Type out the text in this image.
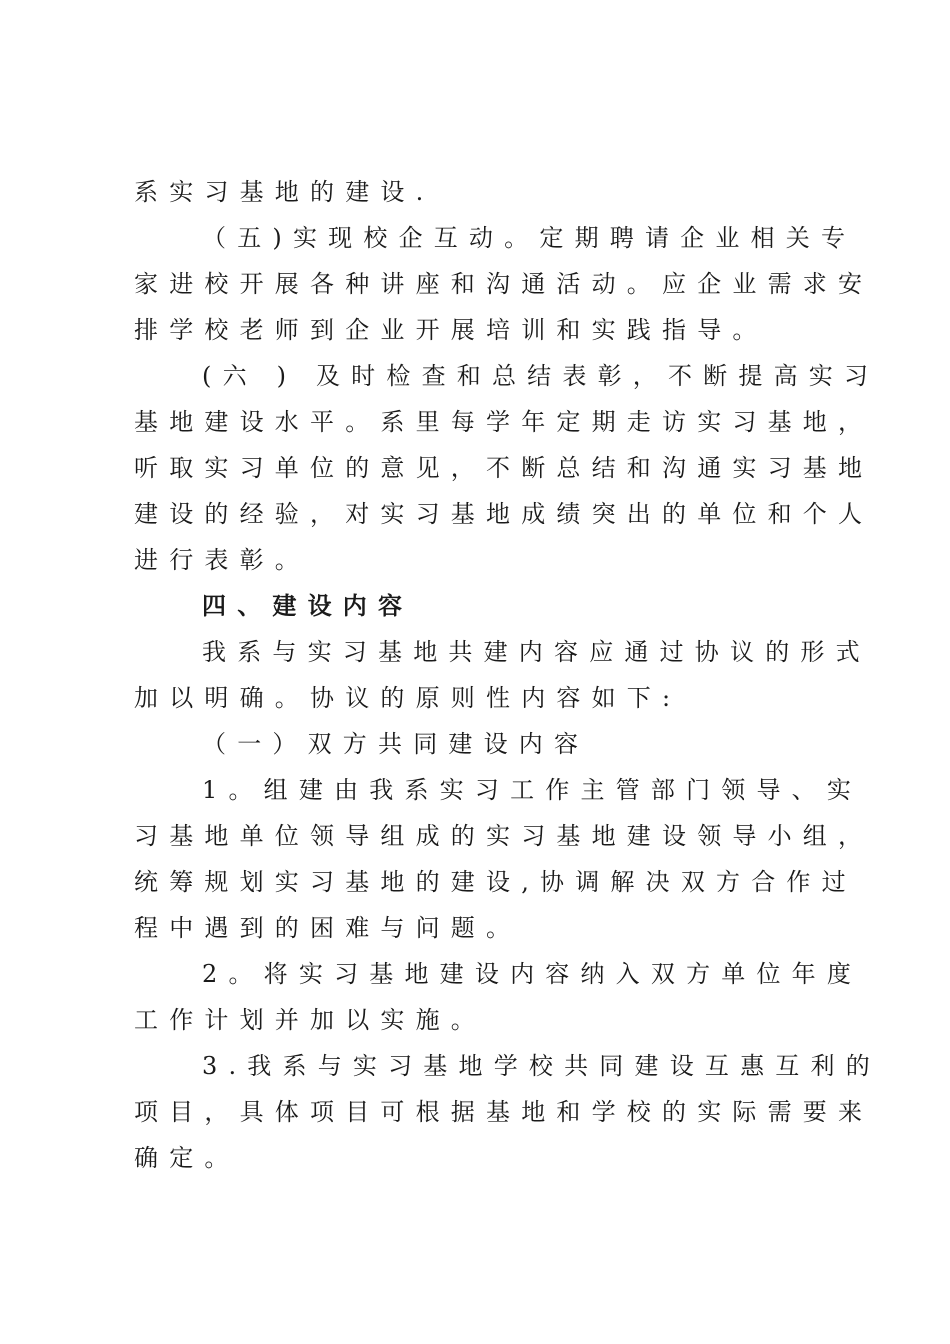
系实习基地的建设.
（五)实现校企互动。定期聘请企业相关专
家进校开展各种讲座和沟通活动。应企业需求安
排学校老师到企业开展培训和实践指导。
(六 ) 及时检查和总结表彰，不断提高实习
基地建设水平。系里每学年定期走访实习基地，
听取实习单位的意见，不断总结和沟通实习基地
建设的经验，对实习基地成绩突出的单位和个人
进行表彰。
四、建设内容
我系与实习基地共建内容应通过协议的形式
加以明确。协议的原则性内容如下:
（一）双方共同建设内容
1。组建由我系实习工作主管部门领导、实
习基地单位领导组成的实习基地建设领导小组，
统筹规划实习基地的建设,协调解决双方合作过
程中遇到的困难与问题。
2。将实习基地建设内容纳入双方单位年度
工作计划并加以实施。
3.我系与实习基地学校共同建设互惠互利的
项目，具体项目可根据基地和学校的实际需要来
确定。
